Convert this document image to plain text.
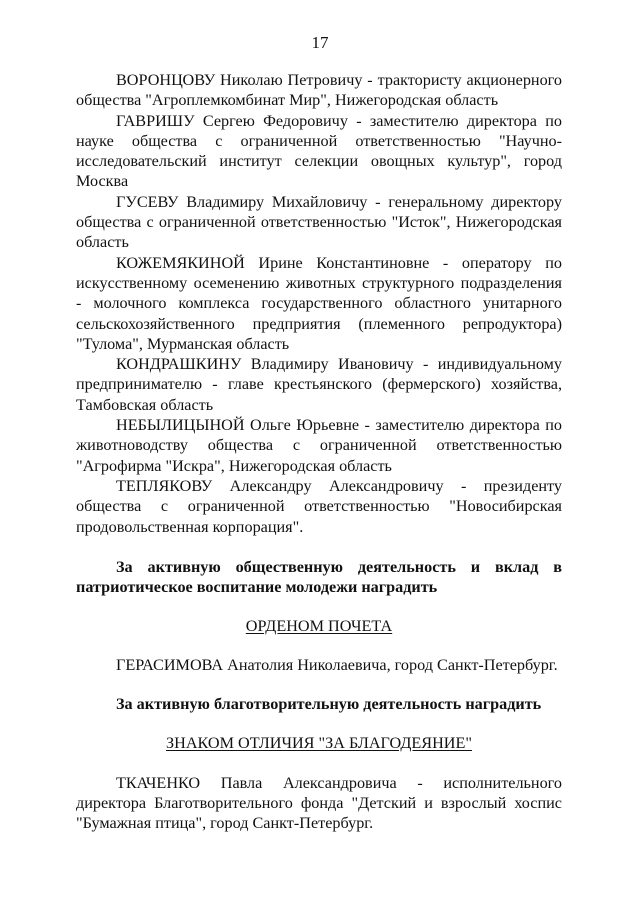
17

ВОРОНЦОВУ Николаю Петровичу - трактористу акционерного общества "Агроплемкомбинат Мир", Нижегородская область

ГАВРИШУ Сергею Федоровичу - заместителю директора по науке общества с ограниченной ответственностью "Научно-исследовательский институт селекции овощных культур", город Москва

ГУСЕВУ Владимиру Михайловичу - генеральному директору общества с ограниченной ответственностью "Исток", Нижегородская область

КОЖЕМЯКИНОЙ Ирине Константиновне - оператору по искусственному осеменению животных структурного подразделения - молочного комплекса государственного областного унитарного сельскохозяйственного предприятия (племенного репродуктора) "Тулома", Мурманская область

КОНДРАШКИНУ Владимиру Ивановичу - индивидуальному предпринимателю - главе крестьянского (фермерского) хозяйства, Тамбовская область

НЕБЫЛИЦЫНОЙ Ольге Юрьевне - заместителю директора по животноводству общества с ограниченной ответственностью "Агрофирма "Искра", Нижегородская область

ТЕПЛЯКОВУ Александру Александровичу - президенту общества с ограниченной ответственностью "Новосибирская продовольственная корпорация".

За активную общественную деятельность и вклад в патриотическое воспитание молодежи наградить

ОРДЕНОМ ПОЧЕТА

ГЕРАСИМОВА Анатолия Николаевича, город Санкт-Петербург.

За активную благотворительную деятельность наградить

ЗНАКОМ ОТЛИЧИЯ "ЗА БЛАГОДЕЯНИЕ"

ТКАЧЕНКО Павла Александровича - исполнительного директора Благотворительного фонда "Детский и взрослый хоспис "Бумажная птица", город Санкт-Петербург.
